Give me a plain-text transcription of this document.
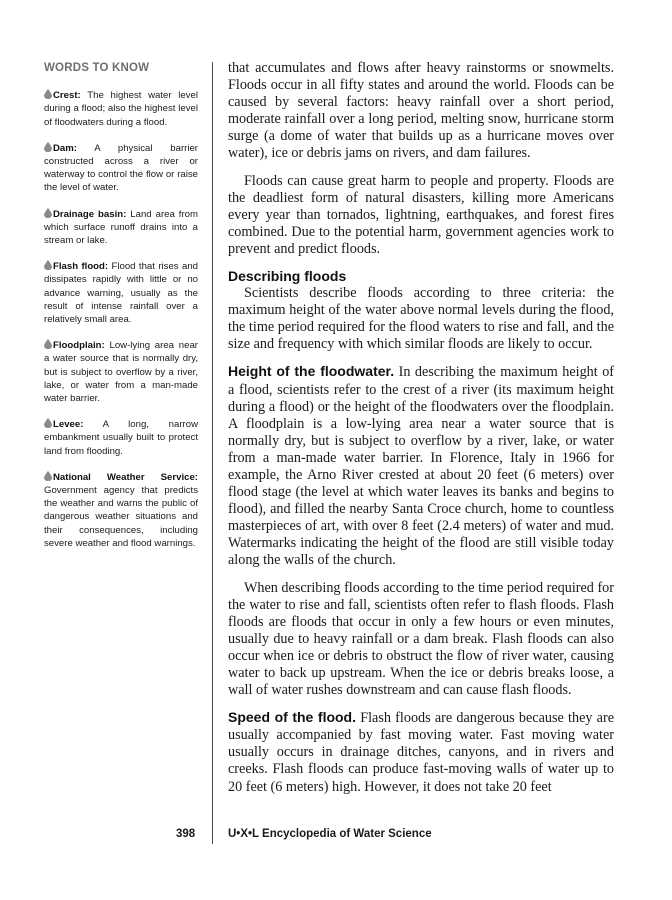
WORDS TO KNOW
Crest: The highest water level during a flood; also the highest level of floodwaters during a flood.
Dam: A physical barrier constructed across a river or waterway to control the flow or raise the level of water.
Drainage basin: Land area from which surface runoff drains into a stream or lake.
Flash flood: Flood that rises and dissipates rapidly with little or no advance warning, usually as the result of intense rainfall over a relatively small area.
Floodplain: Low-lying area near a water source that is normally dry, but is subject to overflow by a river, lake, or water from a man-made water barrier.
Levee: A long, narrow embankment usually built to protect land from flooding.
National Weather Service: Government agency that predicts the weather and warns the public of dangerous weather situations and their consequences, including severe weather and flood warnings.

that accumulates and flows after heavy rainstorms or snowmelts. Floods occur in all fifty states and around the world. Floods can be caused by several factors: heavy rainfall over a short period, moderate rainfall over a long period, melting snow, hurricane storm surge (a dome of water that builds up as a hurricane moves over water), ice or debris jams on rivers, and dam failures.

Floods can cause great harm to people and property. Floods are the deadliest form of natural disasters, killing more Americans every year than tornados, lightning, earthquakes, and forest fires combined. Due to the potential harm, government agencies work to prevent and predict floods.

Describing floods

Scientists describe floods according to three criteria: the maximum height of the water above normal levels during the flood, the time period required for the flood waters to rise and fall, and the size and frequency with which similar floods are likely to occur.

Height of the floodwater. In describing the maximum height of a flood, scientists refer to the crest of a river (its maximum height during a flood) or the height of the floodwaters over the floodplain. A floodplain is a low-lying area near a water source that is normally dry, but is subject to overflow by a river, lake, or water from a man-made water barrier. In Florence, Italy in 1966 for example, the Arno River crested at about 20 feet (6 meters) over flood stage (the level at which water leaves its banks and begins to flood), and filled the nearby Santa Croce church, home to countless masterpieces of art, with over 8 feet (2.4 meters) of water and mud. Watermarks indicating the height of the flood are still visible today along the walls of the church.

When describing floods according to the time period required for the water to rise and fall, scientists often refer to flash floods. Flash floods are floods that occur in only a few hours or even minutes, usually due to heavy rainfall or a dam break. Flash floods can also occur when ice or debris to obstruct the flow of river water, causing water to back up upstream. When the ice or debris breaks loose, a wall of water rushes downstream and can cause flash floods.

Speed of the flood. Flash floods are dangerous because they are usually accompanied by fast moving water. Fast moving water usually occurs in drainage ditches, canyons, and in rivers and creeks. Flash floods can produce fast-moving walls of water up to 20 feet (6 meters) high. However, it does not take 20 feet

398	U•X•L Encyclopedia of Water Science
